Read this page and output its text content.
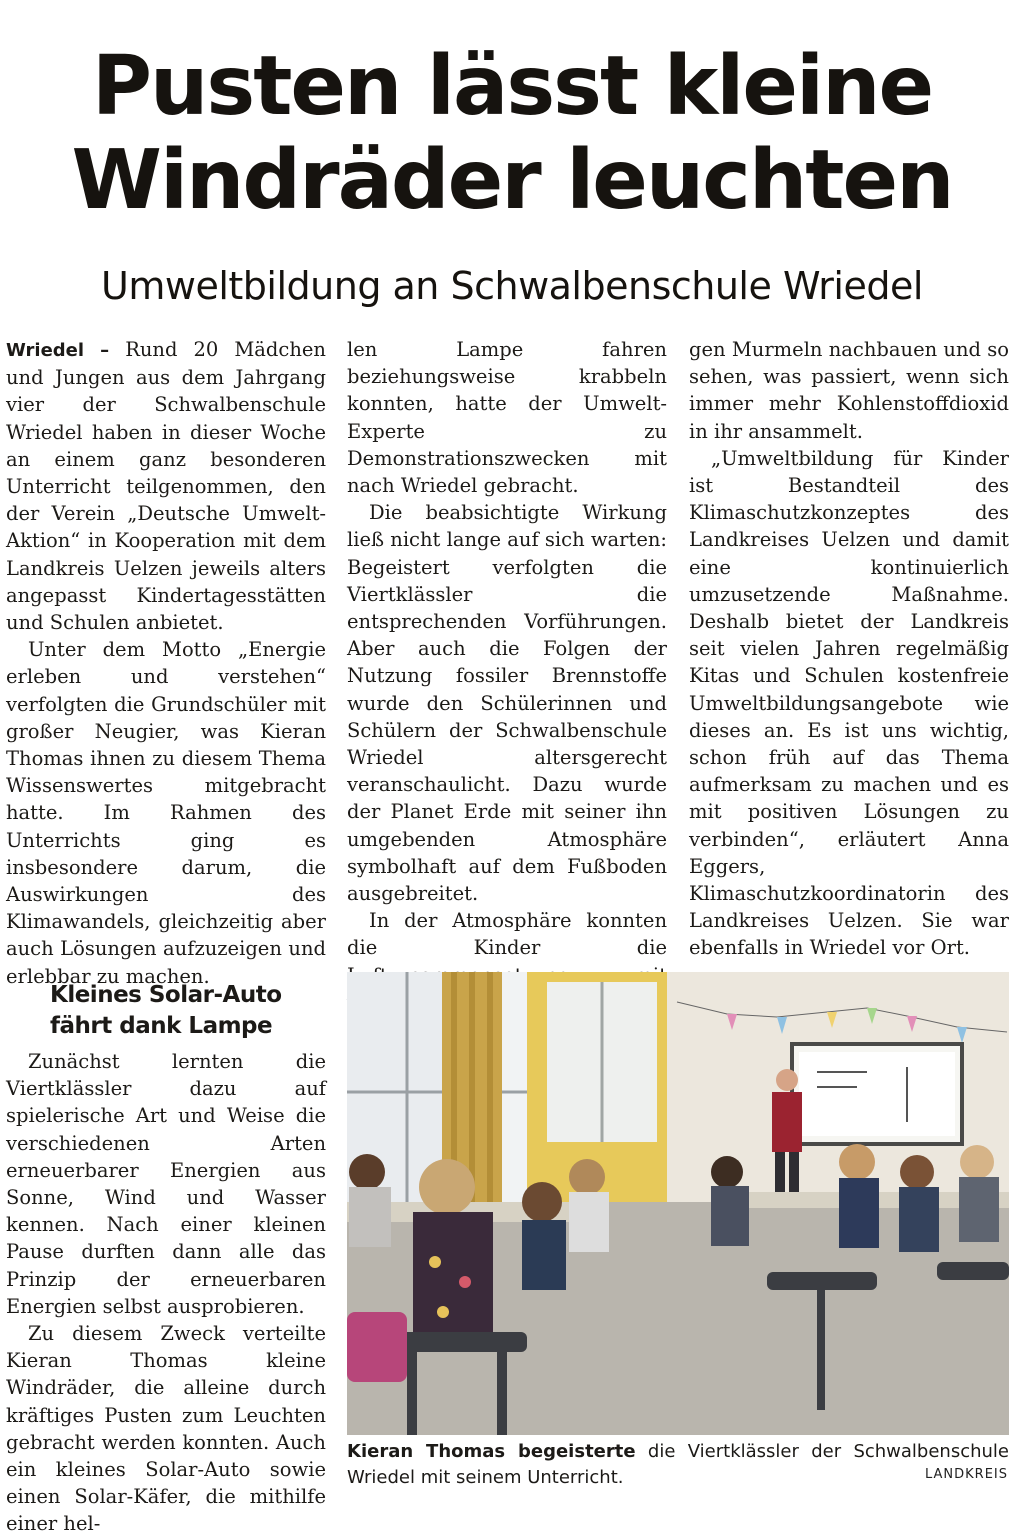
Pusten lässt kleine
Windräder leuchten
Umweltbildung an Schwalbenschule Wriedel

Wriedel – Rund 20 Mädchen und Jungen aus dem Jahrgang vier der Schwalbenschule Wriedel haben in dieser Woche an einem ganz besonderen Unterricht teilgenommen, den der Verein „Deutsche Umwelt-Aktion“ in Kooperation mit dem Landkreis Uelzen jeweils alters angepasst Kindertagesstätten und Schulen anbietet.

Unter dem Motto „Energie erleben und verstehen“ verfolgten die Grundschüler mit großer Neugier, was Kieran Thomas ihnen zu diesem Thema Wissenswertes mitgebracht hatte. Im Rahmen des Unterrichts ging es insbesondere darum, die Auswirkungen des Klimawandels, gleichzeitig aber auch Lösungen aufzuzeigen und erlebbar zu machen.

Kleines Solar-Auto
fährt dank Lampe

Zunächst lernten die Viertklässler dazu auf spielerische Art und Weise die verschiedenen Arten erneuerbarer Energien aus Sonne, Wind und Wasser kennen. Nach einer kleinen Pause durften dann alle das Prinzip der erneuerbaren Energien selbst ausprobieren.

Zu diesem Zweck verteilte Kieran Thomas kleine Windräder, die alleine durch kräftiges Pusten zum Leuchten gebracht werden konnten. Auch ein kleines Solar-Auto sowie einen Solar-Käfer, die mithilfe einer hel-

len Lampe fahren beziehungsweise krabbeln konnten, hatte der Umwelt-Experte zu Demonstrationszwecken mit nach Wriedel gebracht.

Die beabsichtigte Wirkung ließ nicht lange auf sich warten: Begeistert verfolgten die Viertklässler die entsprechenden Vorführungen. Aber auch die Folgen der Nutzung fossiler Brennstoffe wurde den Schülerinnen und Schülern der Schwalbenschule Wriedel altersgerecht veranschaulicht. Dazu wurde der Planet Erde mit seiner ihn umgebenden Atmosphäre symbolhaft auf dem Fußboden ausgebreitet.

In der Atmosphäre konnten die Kinder die

gen Murmeln nachbauen und so sehen, was passiert, wenn sich immer mehr Kohlenstoffdioxid in ihr ansammelt.

„Umweltbildung für Kinder ist Bestandteil des Klimaschutzkonzeptes des Landkreises Uelzen und damit eine kontinuierlich umzusetzende Maßnahme. Deshalb bietet der Landkreis seit vielen Jahren regelmäßig Kitas und Schulen kostenfreie Umweltbildungsangebote wie dieses an. Es ist uns wichtig, schon früh auf das Thema aufmerksam zu machen und es mit positiven Lösungen zu verbinden“, erläutert Anna Eggers, Klimaschutzkoordinatorin des Landkreises Uelzen. Sie war ebenfalls in Wriedel vor Ort.

Kieran Thomas begeisterte die Viertklässler der Schwalbenschule Wriedel mit seinem Unterricht.	LANDKREIS
